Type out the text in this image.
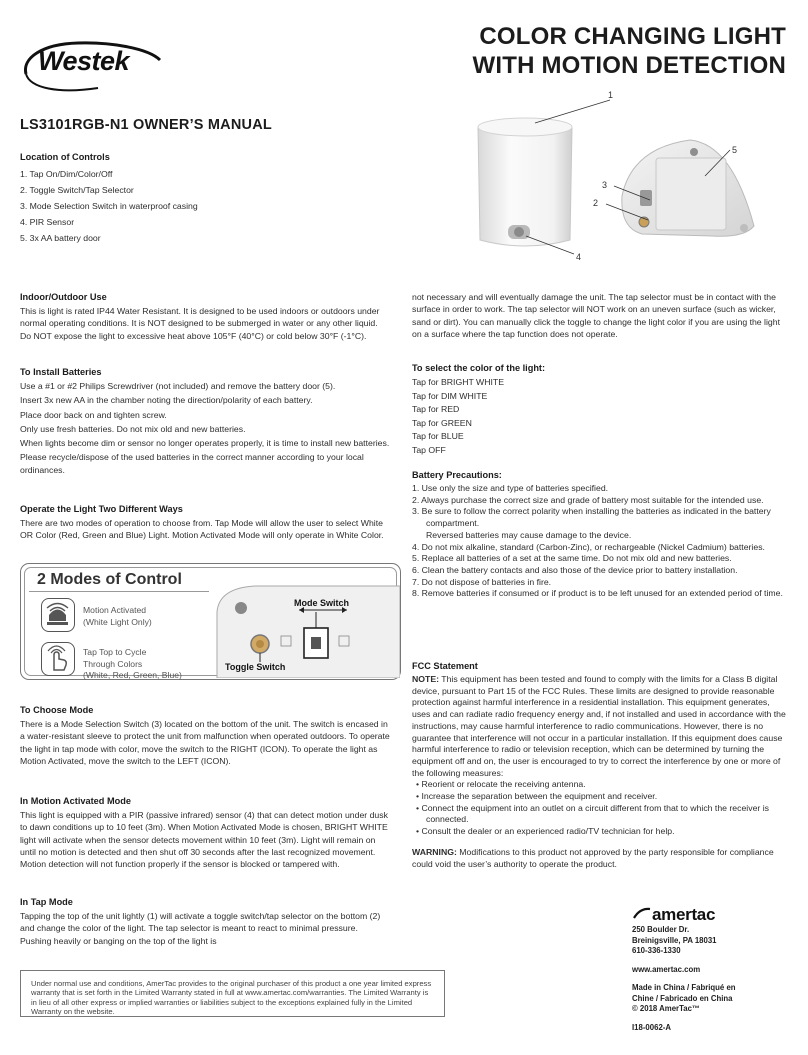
Westek
COLOR CHANGING LIGHT
WITH MOTION DETECTION
LS3101RGB-N1 OWNER’S MANUAL
Location of Controls
1. Tap On/Dim/Color/Off
2. Toggle Switch/Tap Selector
3. Mode Selection Switch in waterproof casing
4. PIR Sensor
5. 3x AA battery door
1
2
3
4
5
Indoor/Outdoor Use

This is light is rated IP44 Water Resistant. It is designed to be used indoors or outdoors under normal operating conditions. It is NOT designed to be submerged in water or any other liquid. Do NOT expose the light to excessive heat above 105°F (40°C) or cold below 30°F (-1°C).

To Install Batteries

Use a #1 or #2 Philips Screwdriver (not included) and remove the battery door (5).

Insert 3x new AA in the chamber noting the direction/polarity of each battery.

Place door back on and tighten screw.

Only use fresh batteries. Do not mix old and new batteries.

When lights become dim or sensor no longer operates properly, it is time to install new batteries.

Please recycle/dispose of the used batteries in the correct manner according to your local ordinances.

Operate the Light Two Different Ways

There are two modes of operation to choose from. Tap Mode will allow the user to select White OR Color (Red, Green and Blue) Light. Motion Activated Mode will only operate in White Color.

2 Modes of Control
Motion Activated
(White Light Only)
Tap Top to Cycle
Through Colors
(White, Red, Green, Blue)
Mode Switch
Toggle Switch
To Choose Mode

There is a Mode Selection Switch (3) located on the bottom of the unit. The switch is encased in a water-resistant sleeve to protect the unit from malfunction when operated outdoors. To operate the light in tap mode with color, move the switch to the RIGHT (ICON). To operate the light as Motion Activated, move the switch to the LEFT (ICON).

In Motion Activated Mode

This light is equipped with a PIR (passive infrared) sensor (4) that can detect motion under dusk to dawn conditions up to 10 feet (3m). When Motion Activated Mode is chosen, BRIGHT WHITE light will activate when the sensor detects movement within 10 feet (3m). Light will remain on until no motion is detected and then shut off 30 seconds after the last recognized movement. Motion detection will not function properly if the sensor is blocked or tampered with.

In Tap Mode

Tapping the top of the unit lightly (1) will activate a toggle switch/tap selector on the bottom (2) and change the color of the light. The tap selector is meant to react to minimal pressure. Pushing heavily or banging on the top of the light is

not necessary and will eventually damage the unit. The tap selector must be in contact with the surface in order to work. The tap selector will NOT work on an uneven surface (such as wicker, sand or dirt). You can manually click the toggle to change the light color if you are using the light on a surface where the tap function does not operate.

To select the color of the light:

Tap for BRIGHT WHITE

Tap for DIM WHITE

Tap for RED

Tap for GREEN

Tap for BLUE

Tap OFF

Battery Precautions:
1. Use only the size and type of batteries specified.
2. Always purchase the correct size and grade of battery most suitable for the intended use.
3. Be sure to follow the correct polarity when installing the batteries as indicated in the battery compartment.
Reversed batteries may cause damage to the device.
4. Do not mix alkaline, standard (Carbon-Zinc), or rechargeable (Nickel Cadmium) batteries.
5. Replace all batteries of a set at the same time. Do not mix old and new batteries.
6. Clean the battery contacts and also those of the device prior to battery installation.
7. Do not dispose of batteries in fire.
8. Remove batteries if consumed or if product is to be left unused for an extended period of time.
FCC Statement

NOTE: This equipment has been tested and found to comply with the limits for a Class B digital device, pursuant to Part 15 of the FCC Rules. These limits are designed to provide reasonable protection against harmful interference in a residential installation. This equipment generates, uses and can radiate radio frequency energy and, if not installed and used in accordance with the instructions, may cause harmful interference to radio communications. However, there is no guarantee that interference will not occur in a particular installation. If this equipment does cause harmful interference to radio or television reception, which can be determined by turning the equipment off and on, the user is encouraged to try to correct the interference by one or more of the following measures:

• Reorient or relocate the receiving antenna.
• Increase the separation between the equipment and receiver.
• Connect the equipment into an outlet on a circuit different from that to which the receiver is connected.
• Consult the dealer or an experienced radio/TV technician for help.

WARNING: Modifications to this product not approved by the party responsible for compliance could void the user’s authority to operate the product.

Under normal use and conditions, AmerTac provides to the original purchaser of this product a one year limited express warranty that is set forth in the Limited Warranty stated in full at www.amertac.com/warranties. The Limited Warranty is in lieu of all other express or implied warranties or liabilities subject to the exceptions explained fully in the Limited Warranty on the website.

amertac

250 Boulder Dr.

Breinigsville, PA 18031

610-336-1330

www.amertac.com

Made in China / Fabriqué en

Chine / Fabricado en China

© 2018 AmerTac™

I18-0062-A
